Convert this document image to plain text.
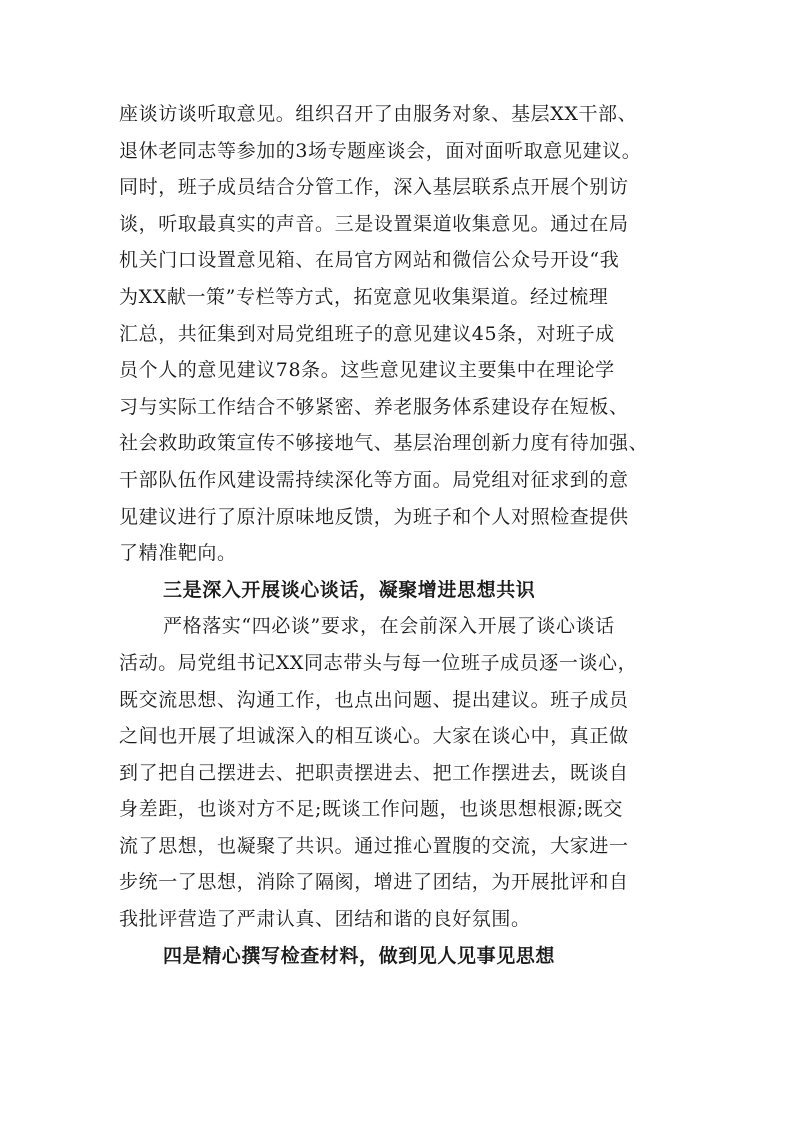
座谈访谈听取意见。组织召开了由服务对象、基层XX干部、
退休老同志等参加的3场专题座谈会，面对面听取意见建议。
同时，班子成员结合分管工作，深入基层联系点开展个别访
谈，听取最真实的声音。三是设置渠道收集意见。通过在局
机关门口设置意见箱、在局官方网站和微信公众号开设“我
为XX献一策”专栏等方式，拓宽意见收集渠道。经过梳理
汇总，共征集到对局党组班子的意见建议45条，对班子成
员个人的意见建议78条。这些意见建议主要集中在理论学
习与实际工作结合不够紧密、养老服务体系建设存在短板、
社会救助政策宣传不够接地气、基层治理创新力度有待加强、
干部队伍作风建设需持续深化等方面。局党组对征求到的意
见建议进行了原汁原味地反馈，为班子和个人对照检查提供
了精准靶向。
三是深入开展谈心谈话，凝聚增进思想共识
严格落实“四必谈”要求，在会前深入开展了谈心谈话
活动。局党组书记XX同志带头与每一位班子成员逐一谈心，
既交流思想、沟通工作，也点出问题、提出建议。班子成员
之间也开展了坦诚深入的相互谈心。大家在谈心中，真正做
到了把自己摆进去、把职责摆进去、把工作摆进去，既谈自
身差距，也谈对方不足;既谈工作问题，也谈思想根源;既交
流了思想，也凝聚了共识。通过推心置腹的交流，大家进一
步统一了思想，消除了隔阂，增进了团结，为开展批评和自
我批评营造了严肃认真、团结和谐的良好氛围。
四是精心撰写检查材料，做到见人见事见思想
